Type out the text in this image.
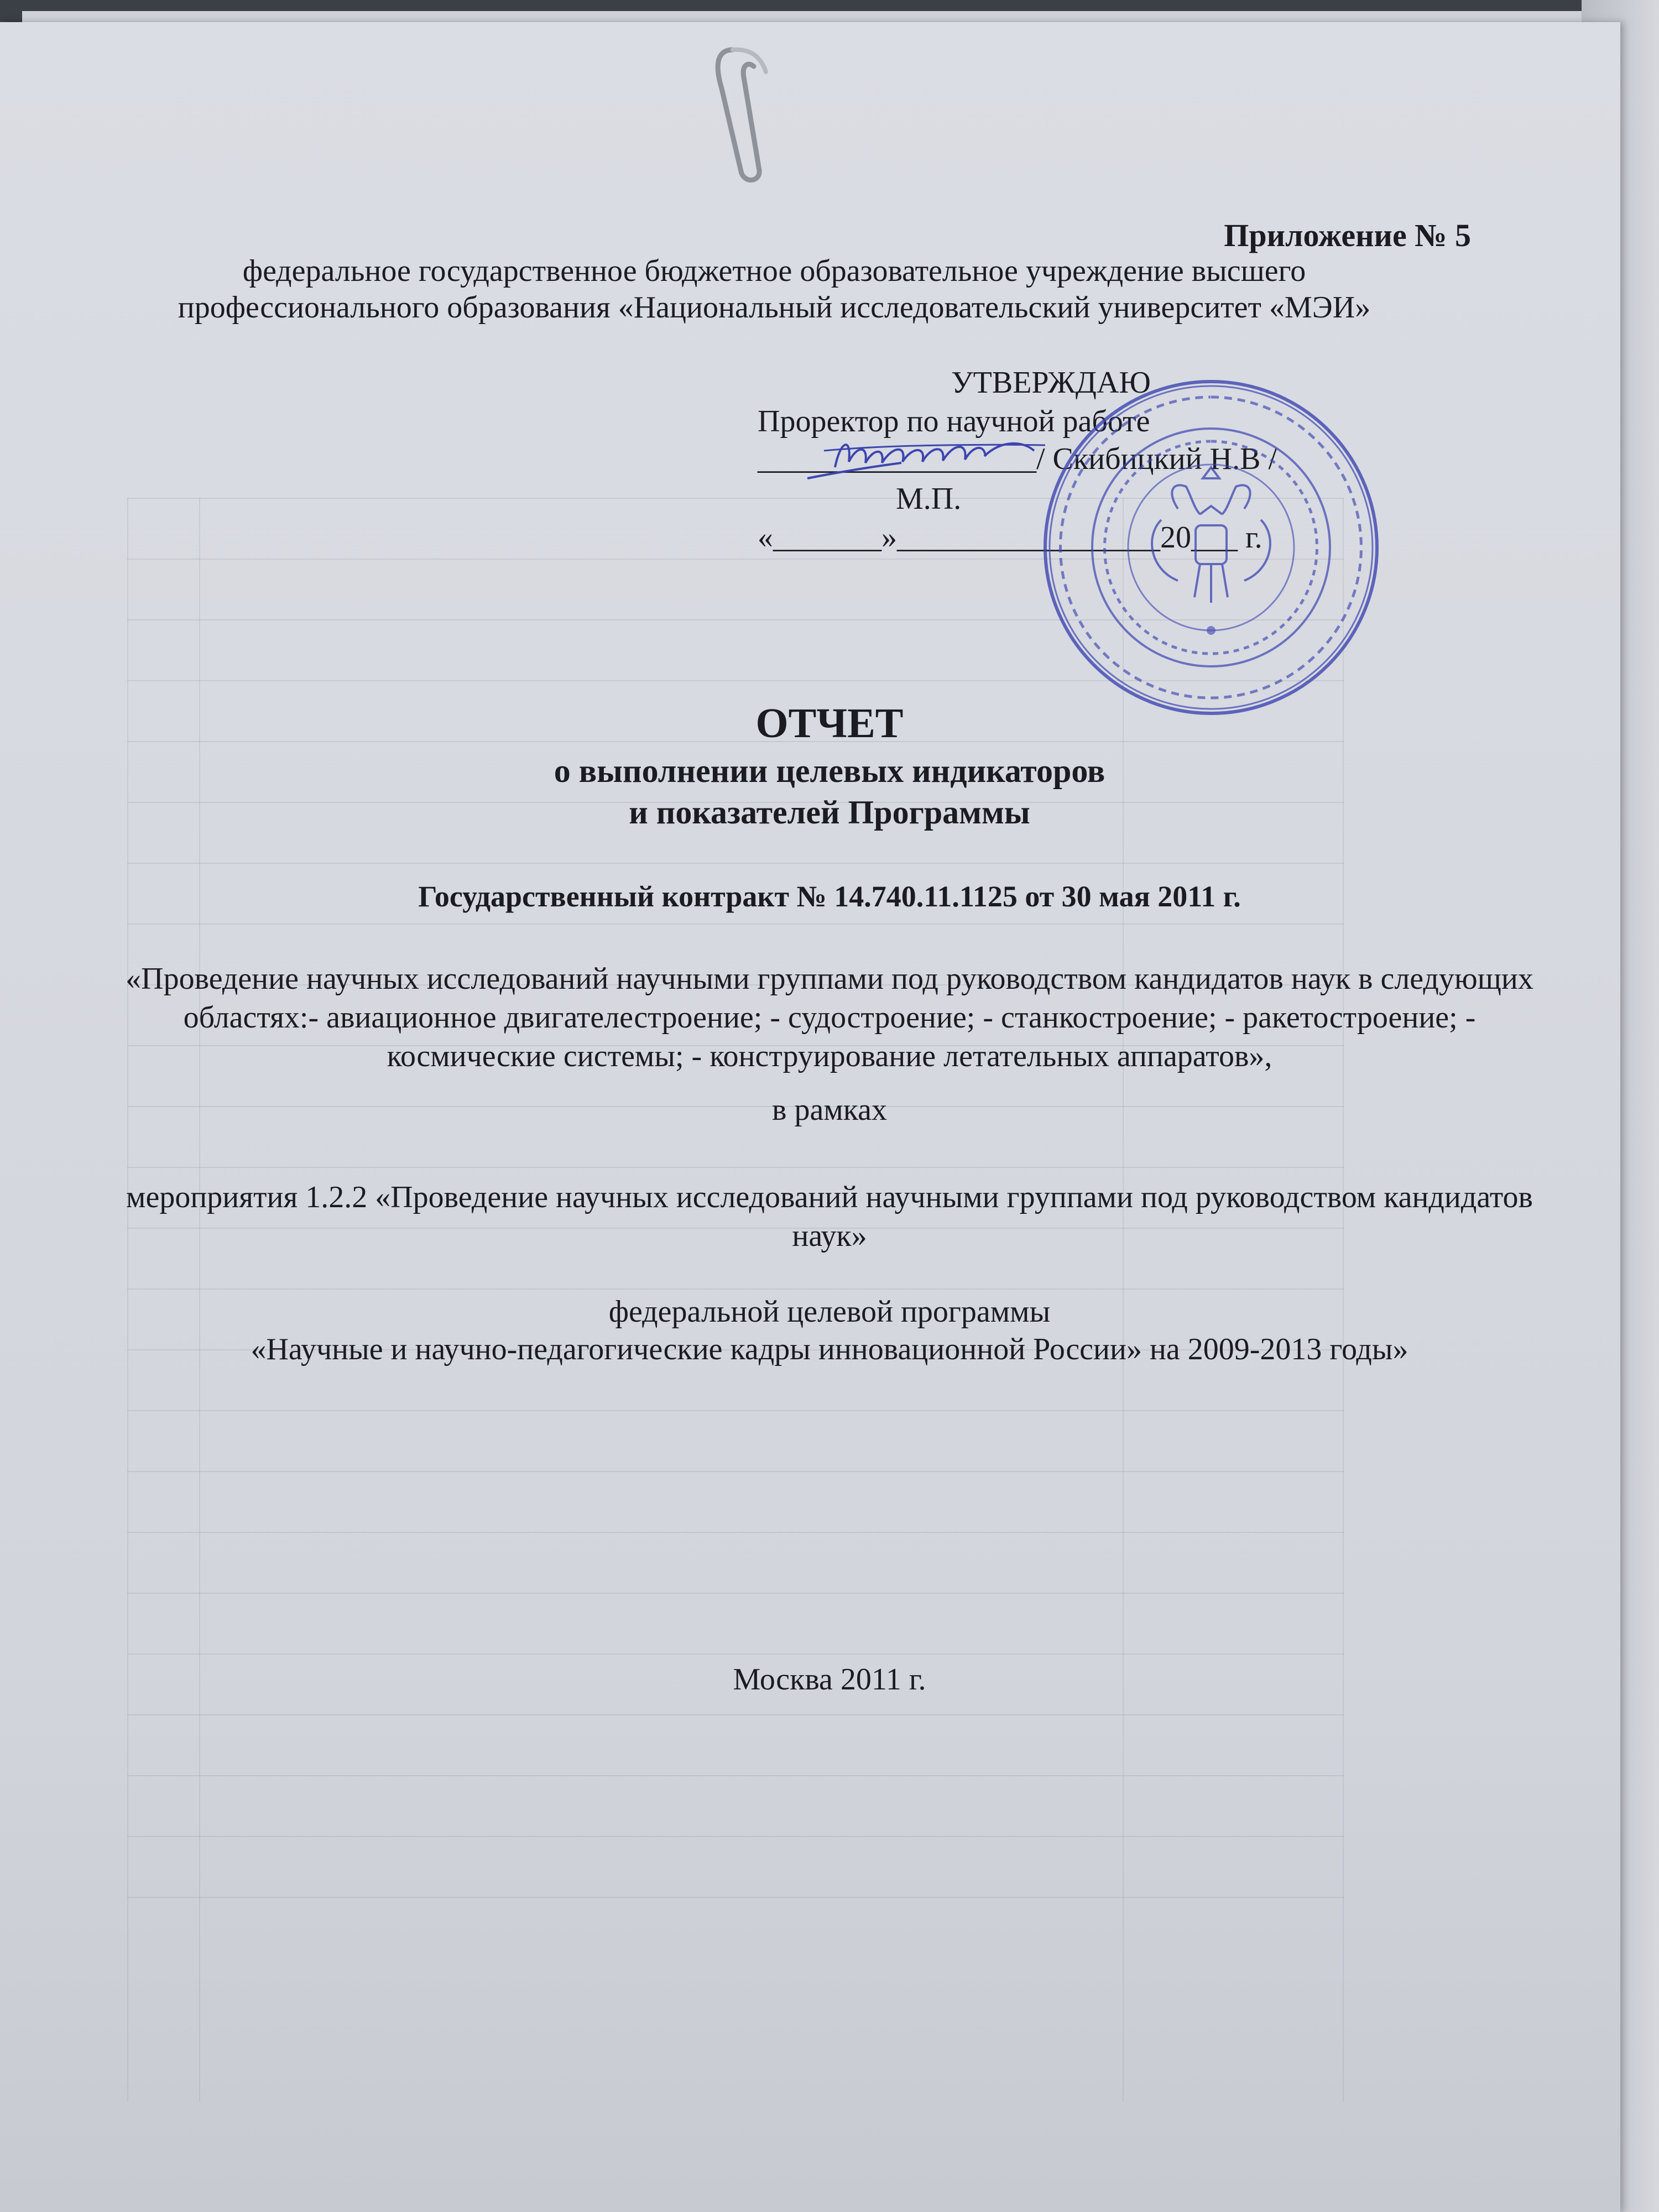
Приложение № 5
федеральное государственное бюджетное образовательное учреждение высшего
профессионального образования «Национальный исследовательский университет «МЭИ»
УТВЕРЖДАЮ
Проректор по научной работе
__________________/ Скибицкий Н.В /
М.П.
«_______»_________________20___ г.
ОТЧЕТ
о выполнении целевых индикаторов
и показателей Программы
Государственный контракт № 14.740.11.1125 от 30 мая 2011 г.
«Проведение научных исследований научными группами под руководством кандидатов наук в следующих областях:- авиационное двигателестроение; - судостроение; - станкостроение; - ракетостроение; - космические системы; - конструирование летательных аппаратов»,
в рамках
мероприятия 1.2.2 «Проведение научных исследований научными группами под руководством кандидатов наук»
федеральной целевой программы
«Научные и научно-педагогические кадры инновационной России» на 2009-2013 годы»
Москва 2011 г.
